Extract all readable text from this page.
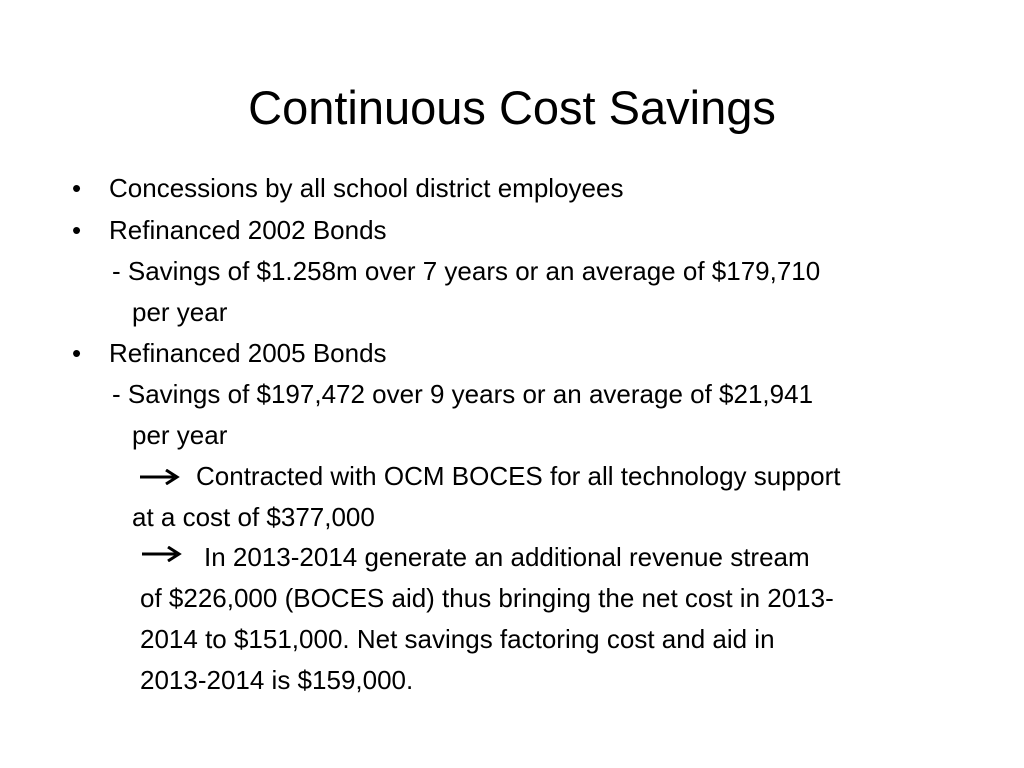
Continuous Cost Savings
• Concessions by all school district employees
• Refinanced 2002 Bonds
- Savings of $1.258m over 7 years or an average of $179,710
per year
• Refinanced 2005 Bonds
- Savings of $197,472 over 9 years or an average of $21,941
per year
Contracted with OCM BOCES for all technology support
at a cost of $377,000
In 2013-2014 generate an additional revenue stream
of $226,000 (BOCES aid) thus bringing the net cost in 2013-
2014 to $151,000. Net savings factoring cost and aid in
2013-2014 is $159,000.
